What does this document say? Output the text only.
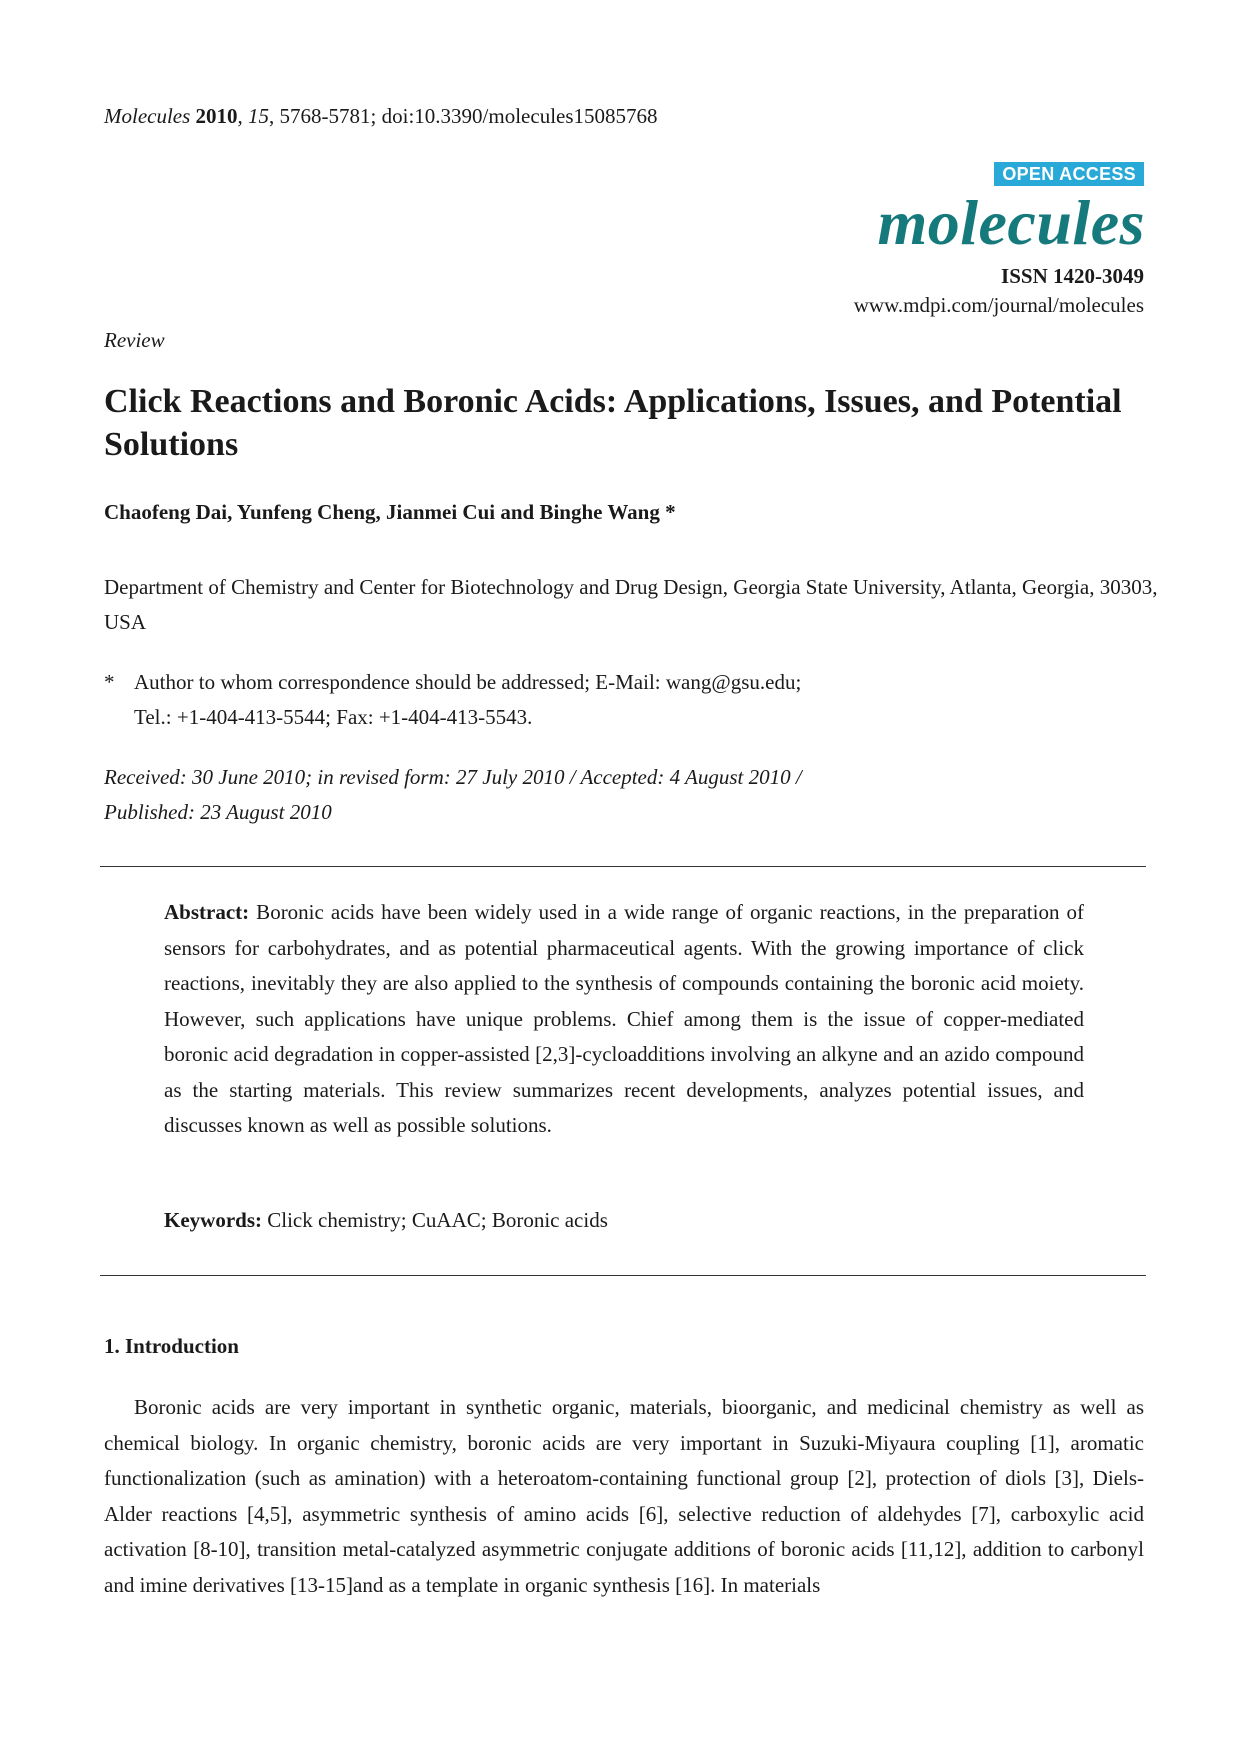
Molecules 2010, 15, 5768-5781; doi:10.3390/molecules15085768
OPEN ACCESS
molecules
ISSN 1420-3049
www.mdpi.com/journal/molecules
Review
Click Reactions and Boronic Acids: Applications, Issues, and Potential Solutions
Chaofeng Dai, Yunfeng Cheng, Jianmei Cui and Binghe Wang *
Department of Chemistry and Center for Biotechnology and Drug Design, Georgia State University, Atlanta, Georgia, 30303, USA
* Author to whom correspondence should be addressed; E-Mail: wang@gsu.edu;
Tel.: +1-404-413-5544; Fax: +1-404-413-5543.
Received: 30 June 2010; in revised form: 27 July 2010 / Accepted: 4 August 2010 /
Published: 23 August 2010
Abstract: Boronic acids have been widely used in a wide range of organic reactions, in the preparation of sensors for carbohydrates, and as potential pharmaceutical agents. With the growing importance of click reactions, inevitably they are also applied to the synthesis of compounds containing the boronic acid moiety. However, such applications have unique problems. Chief among them is the issue of copper-mediated boronic acid degradation in copper-assisted [2,3]-cycloadditions involving an alkyne and an azido compound as the starting materials. This review summarizes recent developments, analyzes potential issues, and discusses known as well as possible solutions.
Keywords: Click chemistry; CuAAC; Boronic acids
1. Introduction

Boronic acids are very important in synthetic organic, materials, bioorganic, and medicinal chemistry as well as chemical biology. In organic chemistry, boronic acids are very important in Suzuki-Miyaura coupling [1], aromatic functionalization (such as amination) with a heteroatom-containing functional group [2], protection of diols [3], Diels-Alder reactions [4,5], asymmetric synthesis of amino acids [6], selective reduction of aldehydes [7], carboxylic acid activation [8-10], transition metal-catalyzed asymmetric conjugate additions of boronic acids [11,12], addition to carbonyl and imine derivatives [13-15]and as a template in organic synthesis [16]. In materials
